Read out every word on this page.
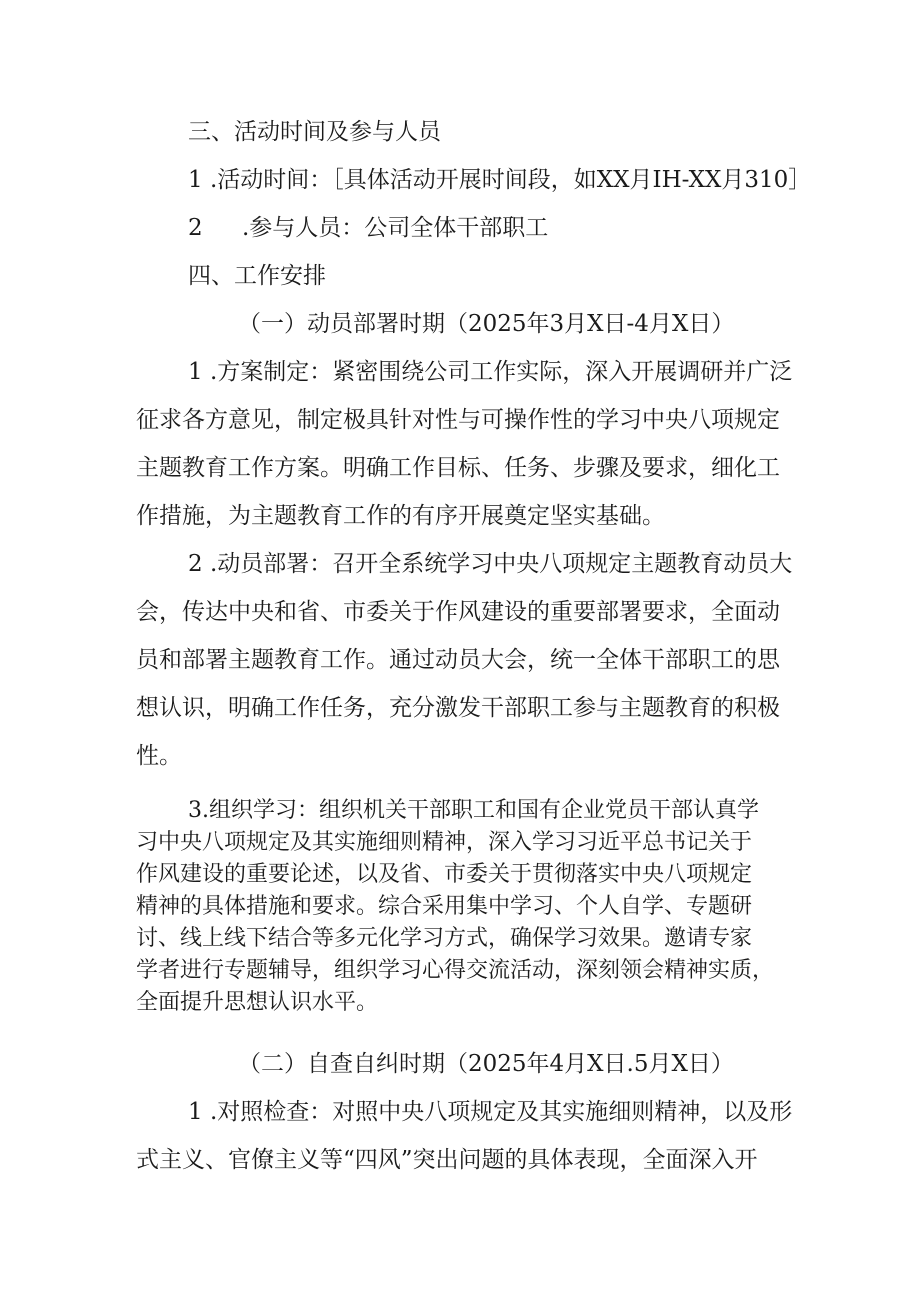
三、活动时间及参与人员
1 .活动时间：［具体活动开展时间段，如XX月IH-XX月310］
2 .参与人员：公司全体干部职工
四、工作安排
（一）动员部署时期（2025年3月X日-4月X日）
1 .方案制定：紧密围绕公司工作实际，深入开展调研并广泛
征求各方意见，制定极具针对性与可操作性的学习中央八项规定
主题教育工作方案。明确工作目标、任务、步骤及要求，细化工
作措施，为主题教育工作的有序开展奠定坚实基础。
2 .动员部署：召开全系统学习中央八项规定主题教育动员大
会，传达中央和省、市委关于作风建设的重要部署要求，全面动
员和部署主题教育工作。通过动员大会，统一全体干部职工的思
想认识，明确工作任务，充分激发干部职工参与主题教育的积极
性。
3.组织学习：组织机关干部职工和国有企业党员干部认真学
习中央八项规定及其实施细则精神，深入学习习近平总书记关于
作风建设的重要论述，以及省、市委关于贯彻落实中央八项规定
精神的具体措施和要求。综合采用集中学习、个人自学、专题研
讨、线上线下结合等多元化学习方式，确保学习效果。邀请专家
学者进行专题辅导，组织学习心得交流活动，深刻领会精神实质，
全面提升思想认识水平。
（二）自查自纠时期（2025年4月X日.5月X日）
1 .对照检查：对照中央八项规定及其实施细则精神，以及形
式主义、官僚主义等“四风”突出问题的具体表现，全面深入开
